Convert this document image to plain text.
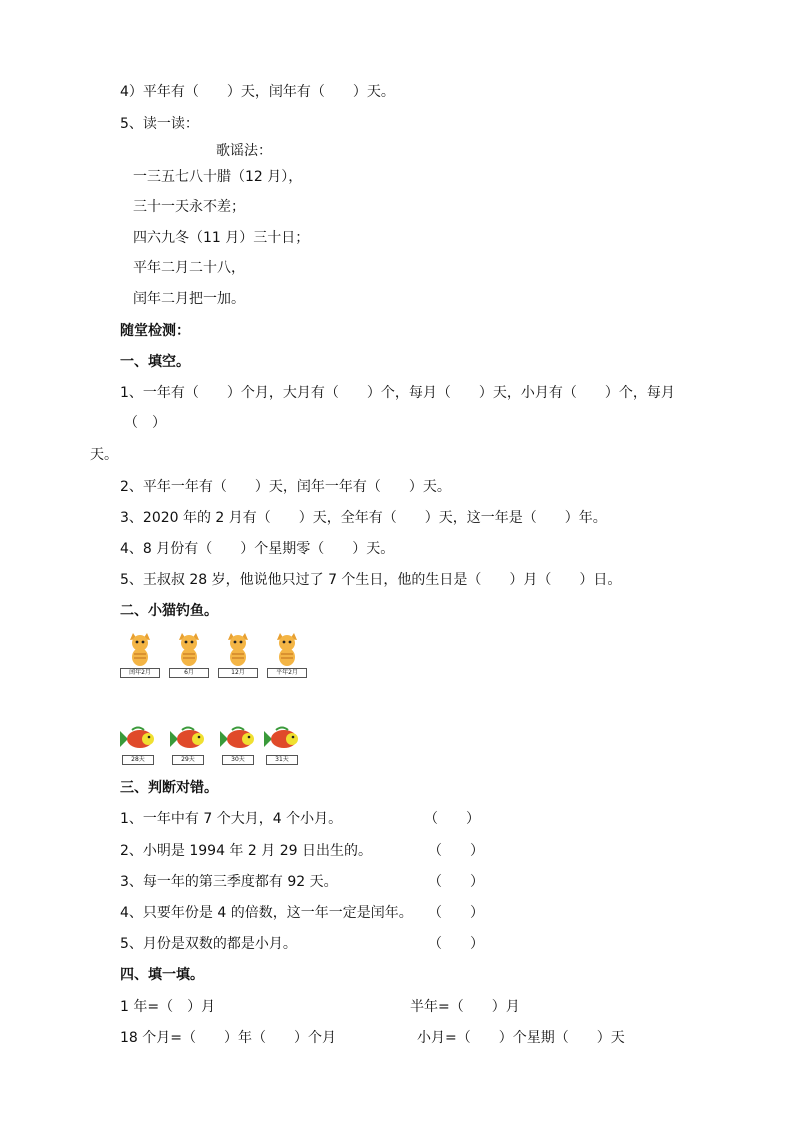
4）平年有（　　）天，闰年有（　　）天。
5、读一读：
歌谣法：
一三五七八十腊（12 月），
三十一天永不差；
四六九冬（11 月）三十日；
平年二月二十八，
闰年二月把一加。
随堂检测：
一、填空。
1、一年有（　　）个月，大月有（　　）个，每月（　　）天，小月有（　　）个，每月
（　）
天。
2、平年一年有（　　）天，闰年一年有（　　）天。
3、2020 年的 2 月有（　　）天，全年有（　　）天，这一年是（　　）年。
4、8 月份有（　　）个星期零（　　）天。
5、王叔叔 28 岁，他说他只过了 7 个生日，他的生日是（　　）月（　　）日。
二、小猫钓鱼。
闰年2月	6月	12月	平年2月
28天	29天	30天	31天
三、判断对错。
1、一年中有 7 个大月，4 个小月。	（　　）
2、小明是 1994 年 2 月 29 日出生的。	（　　）
3、每一年的第三季度都有 92 天。	（　　）
4、只要年份是 4 的倍数，这一年一定是闰年。 （　　）
5、月份是双数的都是小月。	（　　）
四、填一填。
1 年=（　）月	半年=（　　）月
18 个月=（　　）年（　　）个月	小月=（　　）个星期（　　）天
